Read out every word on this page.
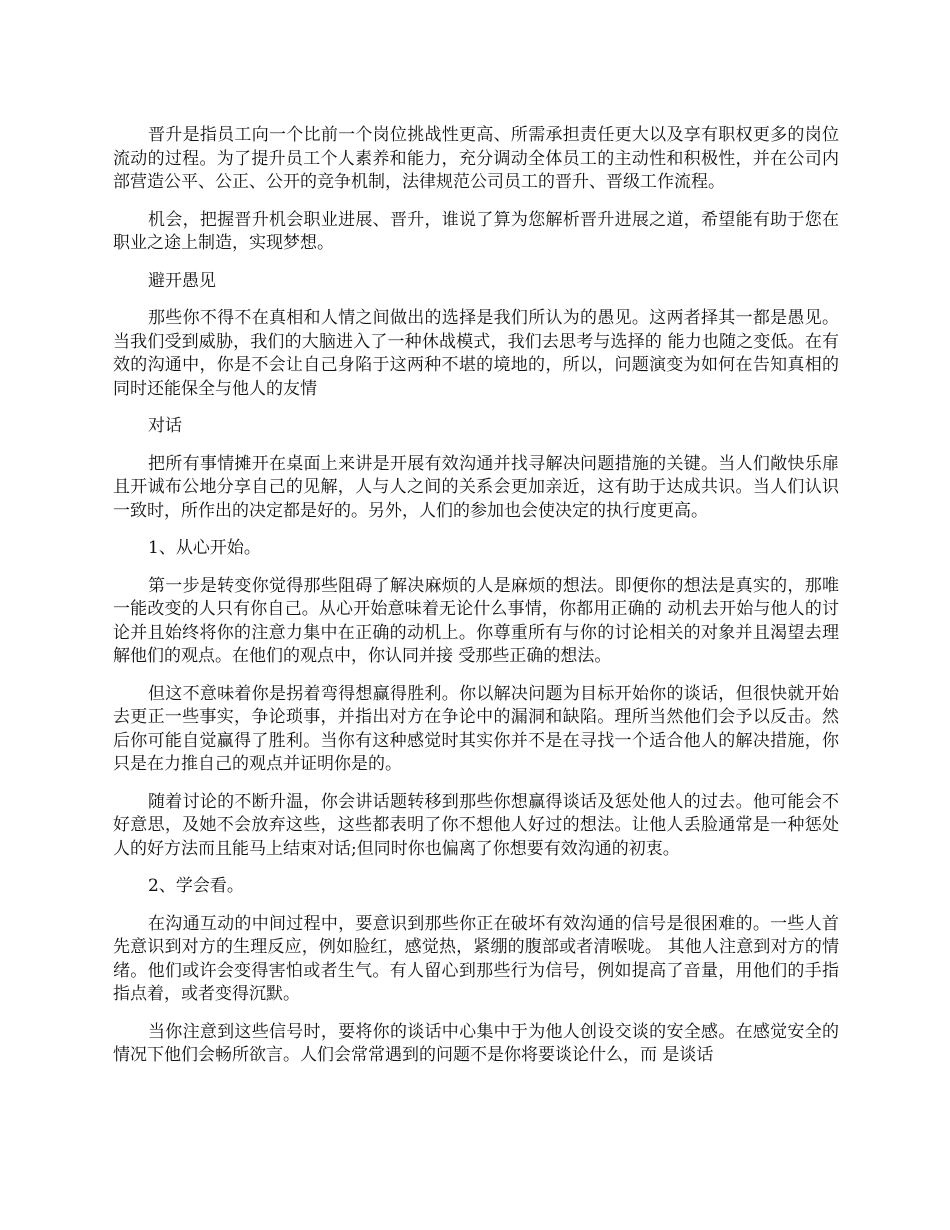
晋升是指员工向一个比前一个岗位挑战性更高、所需承担责任更大以及享有职权更多的岗位流动的过程。为了提升员工个人素养和能力，充分调动全体员工的主动性和积极性，并在公司内部营造公平、公正、公开的竞争机制，法律规范公司员工的晋升、晋级工作流程。

机会，把握晋升机会职业进展、晋升，谁说了算为您解析晋升进展之道，希望能有助于您在职业之途上制造，实现梦想。

避开愚见

那些你不得不在真相和人情之间做出的选择是我们所认为的愚见。这两者择其一都是愚见。当我们受到威胁，我们的大脑进入了一种休战模式，我们去思考与选择的 能力也随之变低。在有效的沟通中，你是不会让自己身陷于这两种不堪的境地的，所以，问题演变为如何在告知真相的同时还能保全与他人的友情

对话

把所有事情摊开在桌面上来讲是开展有效沟通并找寻解决问题措施的关键。当人们敞快乐扉且开诚布公地分享自己的见解，人与人之间的关系会更加亲近，这有助于达成共识。当人们认识一致时，所作出的决定都是好的。另外，人们的参加也会使决定的执行度更高。

1、从心开始。

第一步是转变你觉得那些阻碍了解决麻烦的人是麻烦的想法。即便你的想法是真实的，那唯一能改变的人只有你自己。从心开始意味着无论什么事情，你都用正确的 动机去开始与他人的讨论并且始终将你的注意力集中在正确的动机上。你尊重所有与你的讨论相关的对象并且渴望去理解他们的观点。在他们的观点中，你认同并接 受那些正确的想法。

但这不意味着你是拐着弯得想赢得胜利。你以解决问题为目标开始你的谈话，但很快就开始去更正一些事实，争论琐事，并指出对方在争论中的漏洞和缺陷。理所当然他们会予以反击。然后你可能自觉赢得了胜利。当你有这种感觉时其实你并不是在寻找一个适合他人的解决措施，你只是在力推自己的观点并证明你是的。

随着讨论的不断升温，你会讲话题转移到那些你想赢得谈话及惩处他人的过去。他可能会不好意思，及她不会放弃这些，这些都表明了你不想他人好过的想法。让他人丢脸通常是一种惩处人的好方法而且能马上结束对话;但同时你也偏离了你想要有效沟通的初衷。

2、学会看。

在沟通互动的中间过程中，要意识到那些你正在破坏有效沟通的信号是很困难的。一些人首先意识到对方的生理反应，例如脸红，感觉热，紧绷的腹部或者清喉咙。 其他人注意到对方的情绪。他们或许会变得害怕或者生气。有人留心到那些行为信号，例如提高了音量，用他们的手指指点着，或者变得沉默。

当你注意到这些信号时，要将你的谈话中心集中于为他人创设交谈的安全感。在感觉安全的情况下他们会畅所欲言。人们会常常遇到的问题不是你将要谈论什么，而 是谈话
